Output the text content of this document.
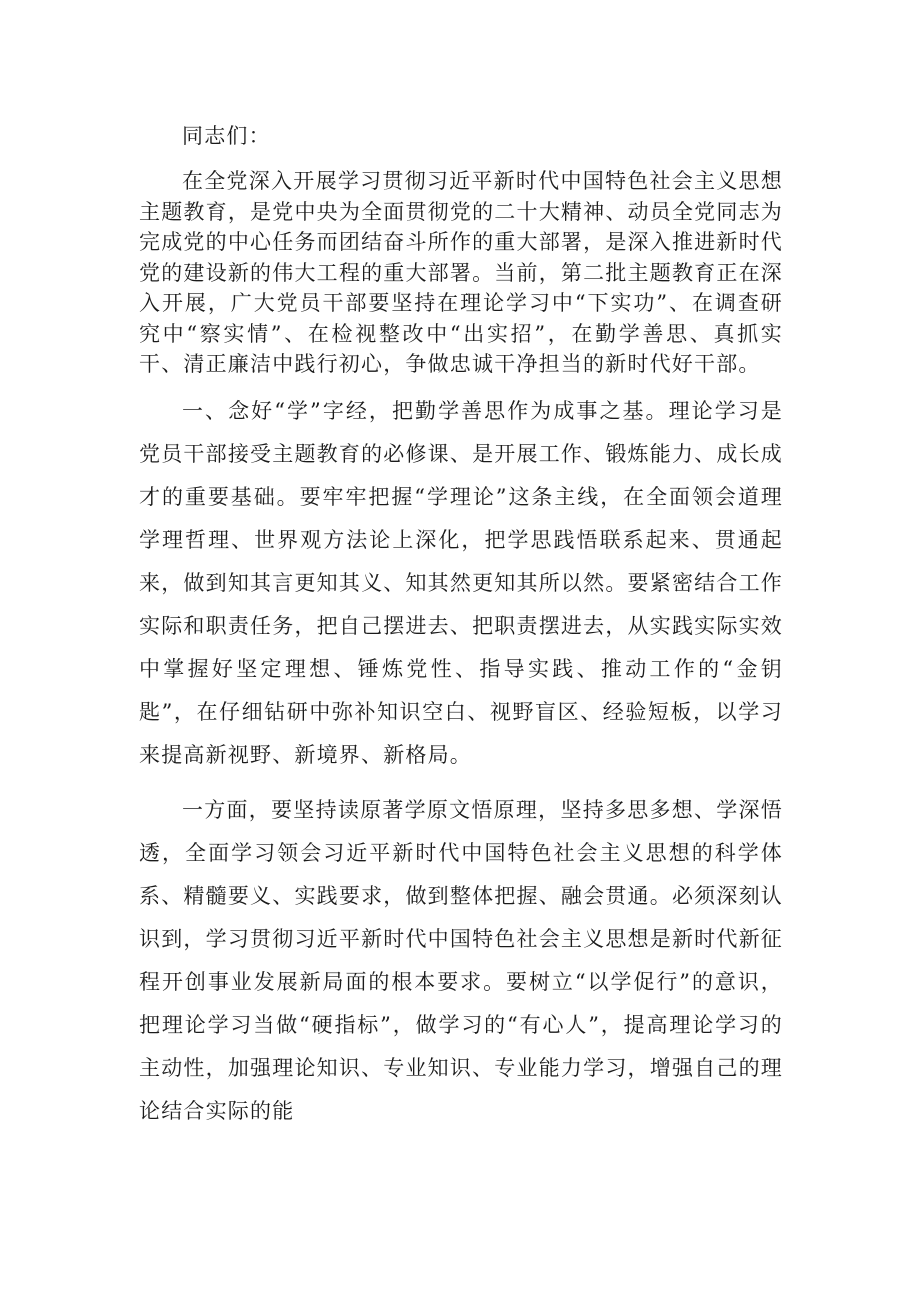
同志们：

在全党深入开展学习贯彻习近平新时代中国特色社会主义思想主题教育，是党中央为全面贯彻党的二十大精神、动员全党同志为完成党的中心任务而团结奋斗所作的重大部署，是深入推进新时代党的建设新的伟大工程的重大部署。当前，第二批主题教育正在深入开展，广大党员干部要坚持在理论学习中“下实功”、在调查研究中“察实情”、在检视整改中“出实招”，在勤学善思、真抓实干、清正廉洁中践行初心，争做忠诚干净担当的新时代好干部。

一、念好“学”字经，把勤学善思作为成事之基。理论学习是党员干部接受主题教育的必修课、是开展工作、锻炼能力、成长成才的重要基础。要牢牢把握“学理论”这条主线，在全面领会道理学理哲理、世界观方法论上深化，把学思践悟联系起来、贯通起来，做到知其言更知其义、知其然更知其所以然。要紧密结合工作实际和职责任务，把自己摆进去、把职责摆进去，从实践实际实效中掌握好坚定理想、锤炼党性、指导实践、推动工作的“金钥匙”，在仔细钻研中弥补知识空白、视野盲区、经验短板，以学习来提高新视野、新境界、新格局。

一方面，要坚持读原著学原文悟原理，坚持多思多想、学深悟透，全面学习领会习近平新时代中国特色社会主义思想的科学体系、精髓要义、实践要求，做到整体把握、融会贯通。必须深刻认识到，学习贯彻习近平新时代中国特色社会主义思想是新时代新征程开创事业发展新局面的根本要求。要树立“以学促行”的意识，把理论学习当做“硬指标”，做学习的“有心人”，提高理论学习的主动性，加强理论知识、专业知识、专业能力学习，增强自己的理论结合实际的能
